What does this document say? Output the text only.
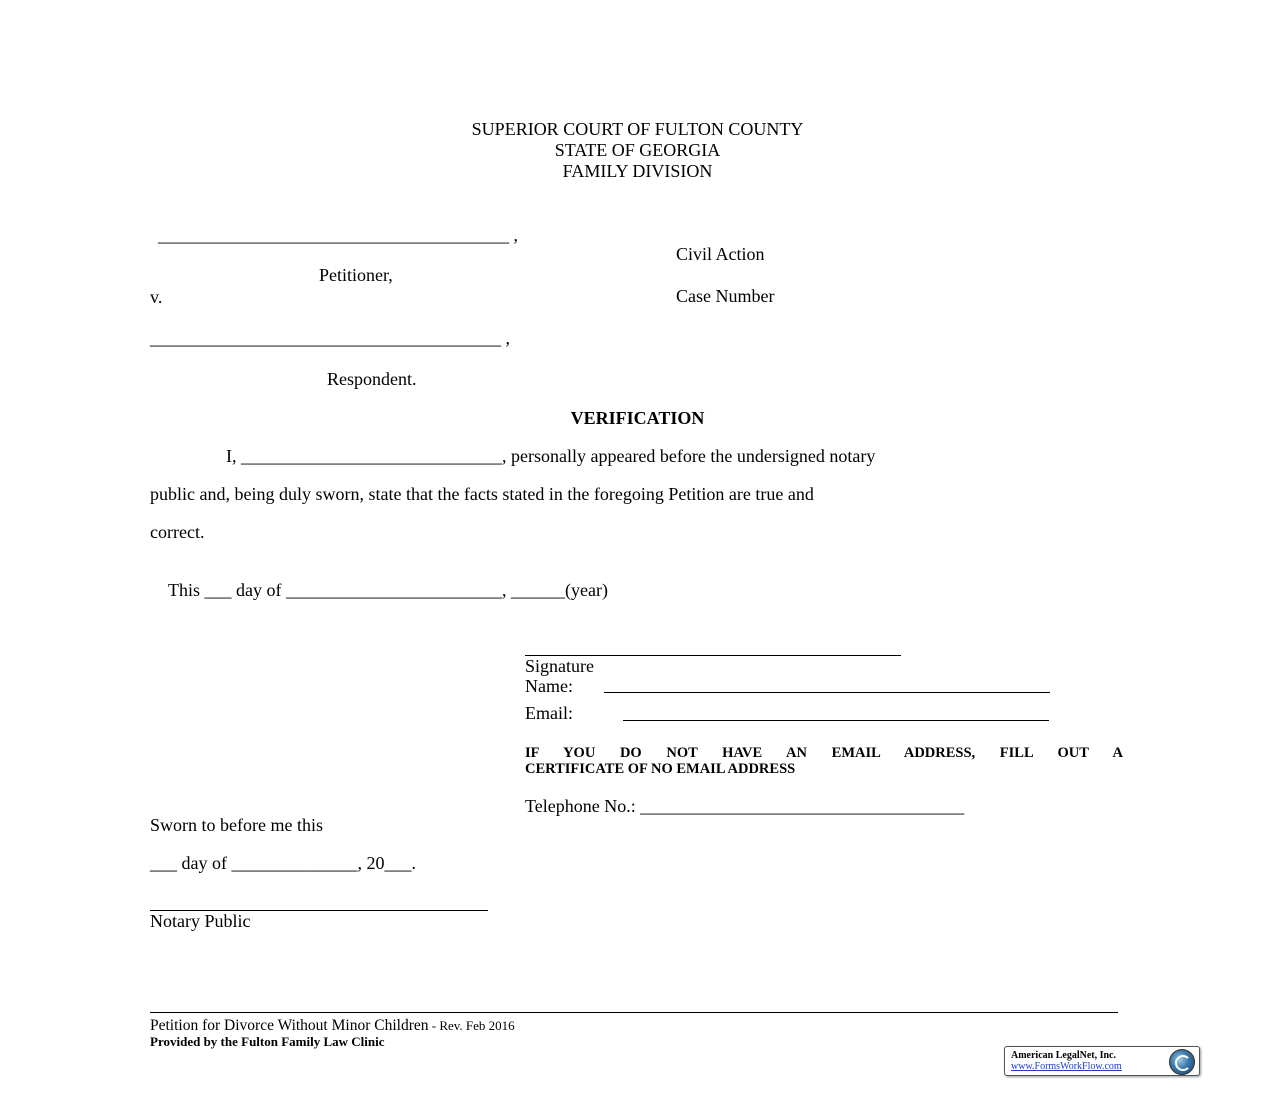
SUPERIOR COURT OF FULTON COUNTY
STATE OF GEORGIA
FAMILY DIVISION
_______________________________________ ,
Civil Action
Petitioner,
v.	Case Number
_______________________________________ ,
Respondent.
VERIFICATION
I, _____________________________, personally appeared before the undersigned notary
public and, being duly sworn, state that the facts stated in the foregoing Petition are true and
correct.
This ___ day of ________________________, ______(year)
Signature
Name:
Email:
IF YOU DO NOT HAVE AN EMAIL ADDRESS, FILL OUT A
CERTIFICATE OF NO EMAIL ADDRESS
Telephone No.: ____________________________________
Sworn to before me this
___ day of ______________, 20___.
Notary Public
Petition for Divorce Without Minor Children - Rev. Feb 2016
Provided by the Fulton Family Law Clinic
American LegalNet, Inc.
www.FormsWorkFlow.com
